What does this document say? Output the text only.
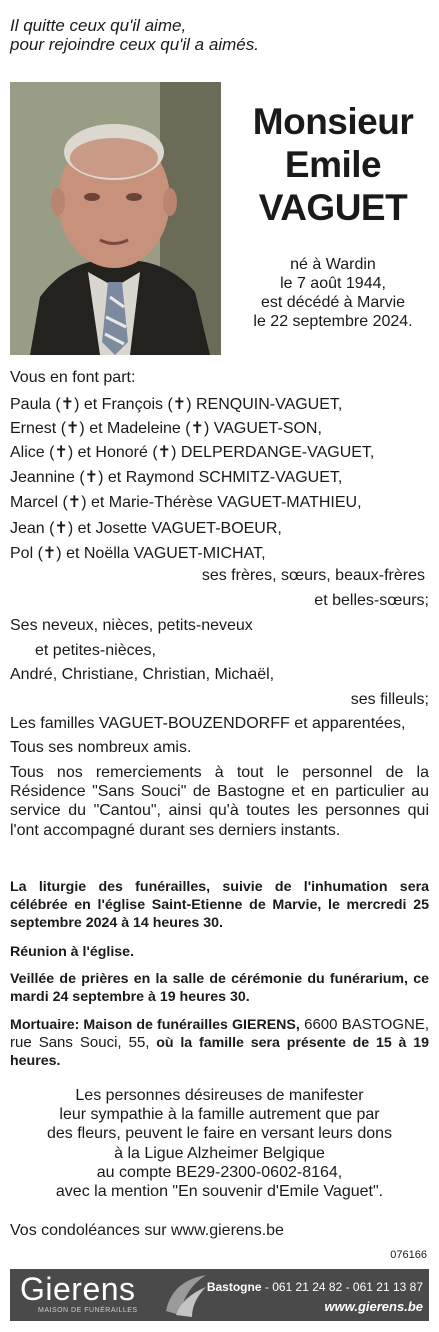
Il quitte ceux qu'il aime,
pour rejoindre ceux qu'il a aimés.
Monsieur
Emile
VAGUET
né à Wardin
le 7 août 1944,
est décédé à Marvie
le 22 septembre 2024.
Vous en font part:
Paula (✝) et François (✝) RENQUIN-VAGUET,
Ernest (✝) et Madeleine (✝) VAGUET-SON,
Alice (✝) et Honoré (✝) DELPERDANGE-VAGUET,
Jeannine (✝) et Raymond SCHMITZ-VAGUET,
Marcel (✝) et Marie-Thérèse VAGUET-MATHIEU,
Jean (✝) et Josette VAGUET-BOEUR,
Pol (✝) et Noëlla VAGUET-MICHAT,
ses frères, sœurs, beaux-frères
et belles-sœurs;
Ses neveux, nièces, petits-neveux
et petites-nièces,
André, Christiane, Christian, Michaël,
ses filleuls;
Les familles VAGUET-BOUZENDORFF et apparentées,
Tous ses nombreux amis.
Tous nos remerciements à tout le personnel de la Résidence "Sans Souci" de Bastogne et en particulier au service du "Cantou", ainsi qu'à toutes les personnes qui l'ont accompagné durant ses derniers instants.
La liturgie des funérailles, suivie de l'inhumation sera célébrée en l'église Saint-Etienne de Marvie, le mercredi 25 septembre 2024 à 14 heures 30.
Réunion à l'église.
Veillée de prières en la salle de cérémonie du funérarium, ce mardi 24 septembre à 19 heures 30.
Mortuaire: Maison de funérailles GIERENS, 6600 BASTOGNE, rue Sans Souci, 55, où la famille sera présente de 15 à 19 heures.
Les personnes désireuses de manifester
leur sympathie à la famille autrement que par
des fleurs, peuvent le faire en versant leurs dons
à la Ligue Alzheimer Belgique
au compte BE29-2300-0602-8164,
avec la mention "En souvenir d'Emile Vaguet".
Vos condoléances sur www.gierens.be
076166
Gierens
MAISON DE FUNÉRAILLES
Bastogne - 061 21 24 82 - 061 21 13 87
www.gierens.be
